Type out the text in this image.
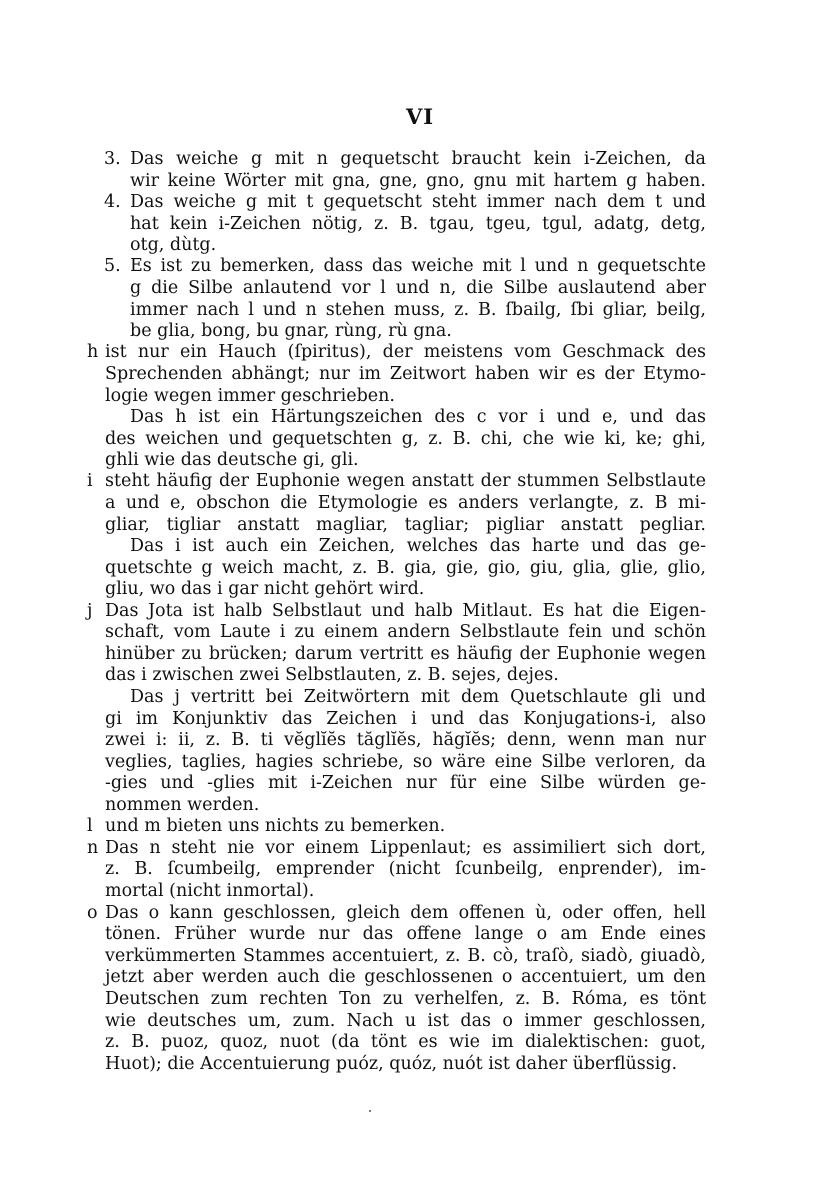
VI
3. Das weiche g mit n gequetscht braucht kein i-Zeichen, da
wir keine Wörter mit gna, gne, gno, gnu mit hartem g haben.
4. Das weiche g mit t gequetscht steht immer nach dem t und
hat kein i-Zeichen nötig, z. B. tgau, tgeu, tgul, adatg, detg,
otg, dùtg.
5. Es ist zu bemerken, dass das weiche mit l und n gequetschte
g die Silbe anlautend vor l und n, die Silbe auslautend aber
immer nach l und n stehen muss, z. B. ſbailg, ſbi gliar, beilg,
be glia, bong, bu gnar, rùng, rù gna.
h ist nur ein Hauch (ſpiritus), der meistens vom Geschmack des
Sprechenden abhängt; nur im Zeitwort haben wir es der Etymo-
logie wegen immer geschrieben.
Das h ist ein Härtungszeichen des c vor i und e, und das
des weichen und gequetschten g, z. B. chi, che wie ki, ke; ghi,
ghli wie das deutsche gi, gli.
i steht häufig der Euphonie wegen anstatt der stummen Selbstlaute
a und e, obschon die Etymologie es anders verlangte, z. B mi-
gliar, tigliar anstatt magliar, tagliar; pigliar anstatt pegliar.
Das i ist auch ein Zeichen, welches das harte und das ge-
quetschte g weich macht, z. B. gia, gie, gio, giu, glia, glie, glio,
gliu, wo das i gar nicht gehört wird.
j Das Jota ist halb Selbstlaut und halb Mitlaut. Es hat die Eigen-
schaft, vom Laute i zu einem andern Selbstlaute fein und schön
hinüber zu brücken; darum vertritt es häufig der Euphonie wegen
das i zwischen zwei Selbstlauten, z. B. sejes, dejes.
Das j vertritt bei Zeitwörtern mit dem Quetschlaute gli und
gi im Konjunktiv das Zeichen i und das Konjugations-i, also
zwei i: ii, z. B. ti vĕglĭĕs tăglĭĕs, hăgĭĕs; denn, wenn man nur
veglies, taglies, hagies schriebe, so wäre eine Silbe verloren, da
-gies und -glies mit i-Zeichen nur für eine Silbe würden ge-
nommen werden.
l und m bieten uns nichts zu bemerken.
n Das n steht nie vor einem Lippenlaut; es assimiliert sich dort,
z. B. ſcumbeilg, emprender (nicht ſcunbeilg, enprender), im-
mortal (nicht inmortal).
o Das o kann geschlossen, gleich dem offenen ù, oder offen, hell
tönen. Früher wurde nur das offene lange o am Ende eines
verkümmerten Stammes accentuiert, z. B. cò, traſò, siadò, giuadò,
jetzt aber werden auch die geschlossenen o accentuiert, um den
Deutschen zum rechten Ton zu verhelfen, z. B. Róma, es tönt
wie deutsches um, zum. Nach u ist das o immer geschlossen,
z. B. puoz, quoz, nuot (da tönt es wie im dialektischen: guot,
Huot); die Accentuierung puóz, quóz, nuót ist daher überflüssig.
